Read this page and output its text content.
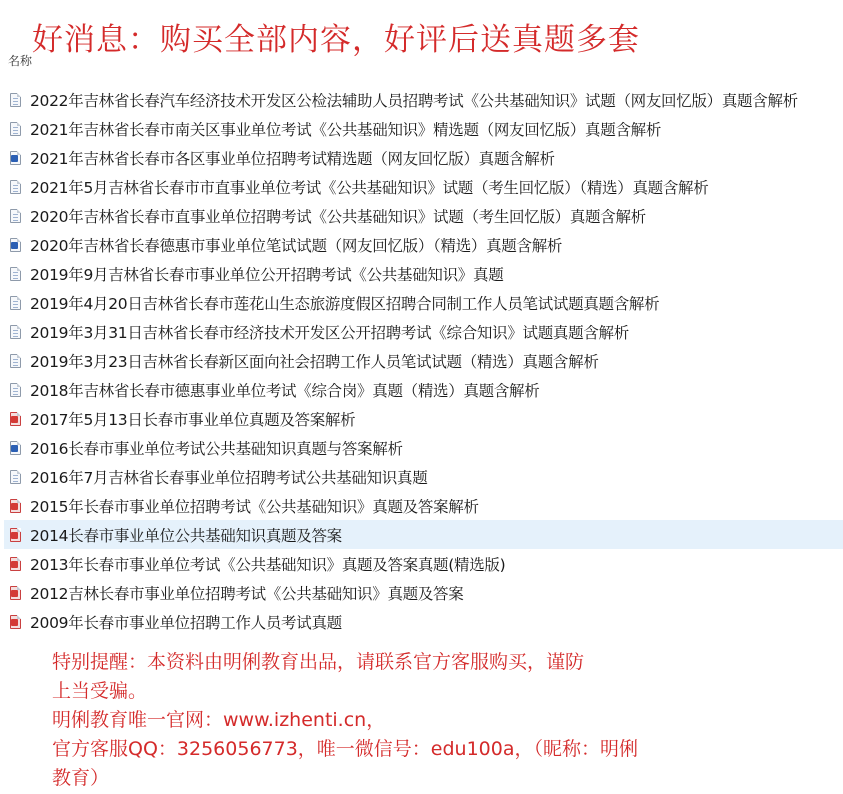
好消息：购买全部内容，好评后送真题多套
名称
2022年吉林省长春汽车经济技术开发区公检法辅助人员招聘考试《公共基础知识》试题（网友回忆版）真题含解析
2021年吉林省长春市南关区事业单位考试《公共基础知识》精选题（网友回忆版）真题含解析
2021年吉林省长春市各区事业单位招聘考试精选题（网友回忆版）真题含解析
2021年5月吉林省长春市市直事业单位考试《公共基础知识》试题（考生回忆版）（精选）真题含解析
2020年吉林省长春市直事业单位招聘考试《公共基础知识》试题（考生回忆版）真题含解析
2020年吉林省长春德惠市事业单位笔试试题（网友回忆版）（精选）真题含解析
2019年9月吉林省长春市事业单位公开招聘考试《公共基础知识》真题
2019年4月20日吉林省长春市莲花山生态旅游度假区招聘合同制工作人员笔试试题真题含解析
2019年3月31日吉林省长春市经济技术开发区公开招聘考试《综合知识》试题真题含解析
2019年3月23日吉林省长春新区面向社会招聘工作人员笔试试题（精选）真题含解析
2018年吉林省长春市德惠事业单位考试《综合岗》真题（精选）真题含解析
2017年5月13日长春市事业单位真题及答案解析
2016长春市事业单位考试公共基础知识真题与答案解析
2016年7月吉林省长春事业单位招聘考试公共基础知识真题
2015年长春市事业单位招聘考试《公共基础知识》真题及答案解析
2014长春市事业单位公共基础知识真题及答案
2013年长春市事业单位考试《公共基础知识》真题及答案真题(精选版)
2012吉林长春市事业单位招聘考试《公共基础知识》真题及答案
2009年长春市事业单位招聘工作人员考试真题

特别提醒：本资料由明俐教育出品，请联系官方客服购买，谨防

上当受骗。

明俐教育唯一官网：www.izhenti.cn，

官方客服QQ：3256056773，唯一微信号：edu100a，（昵称：明俐

教育）
